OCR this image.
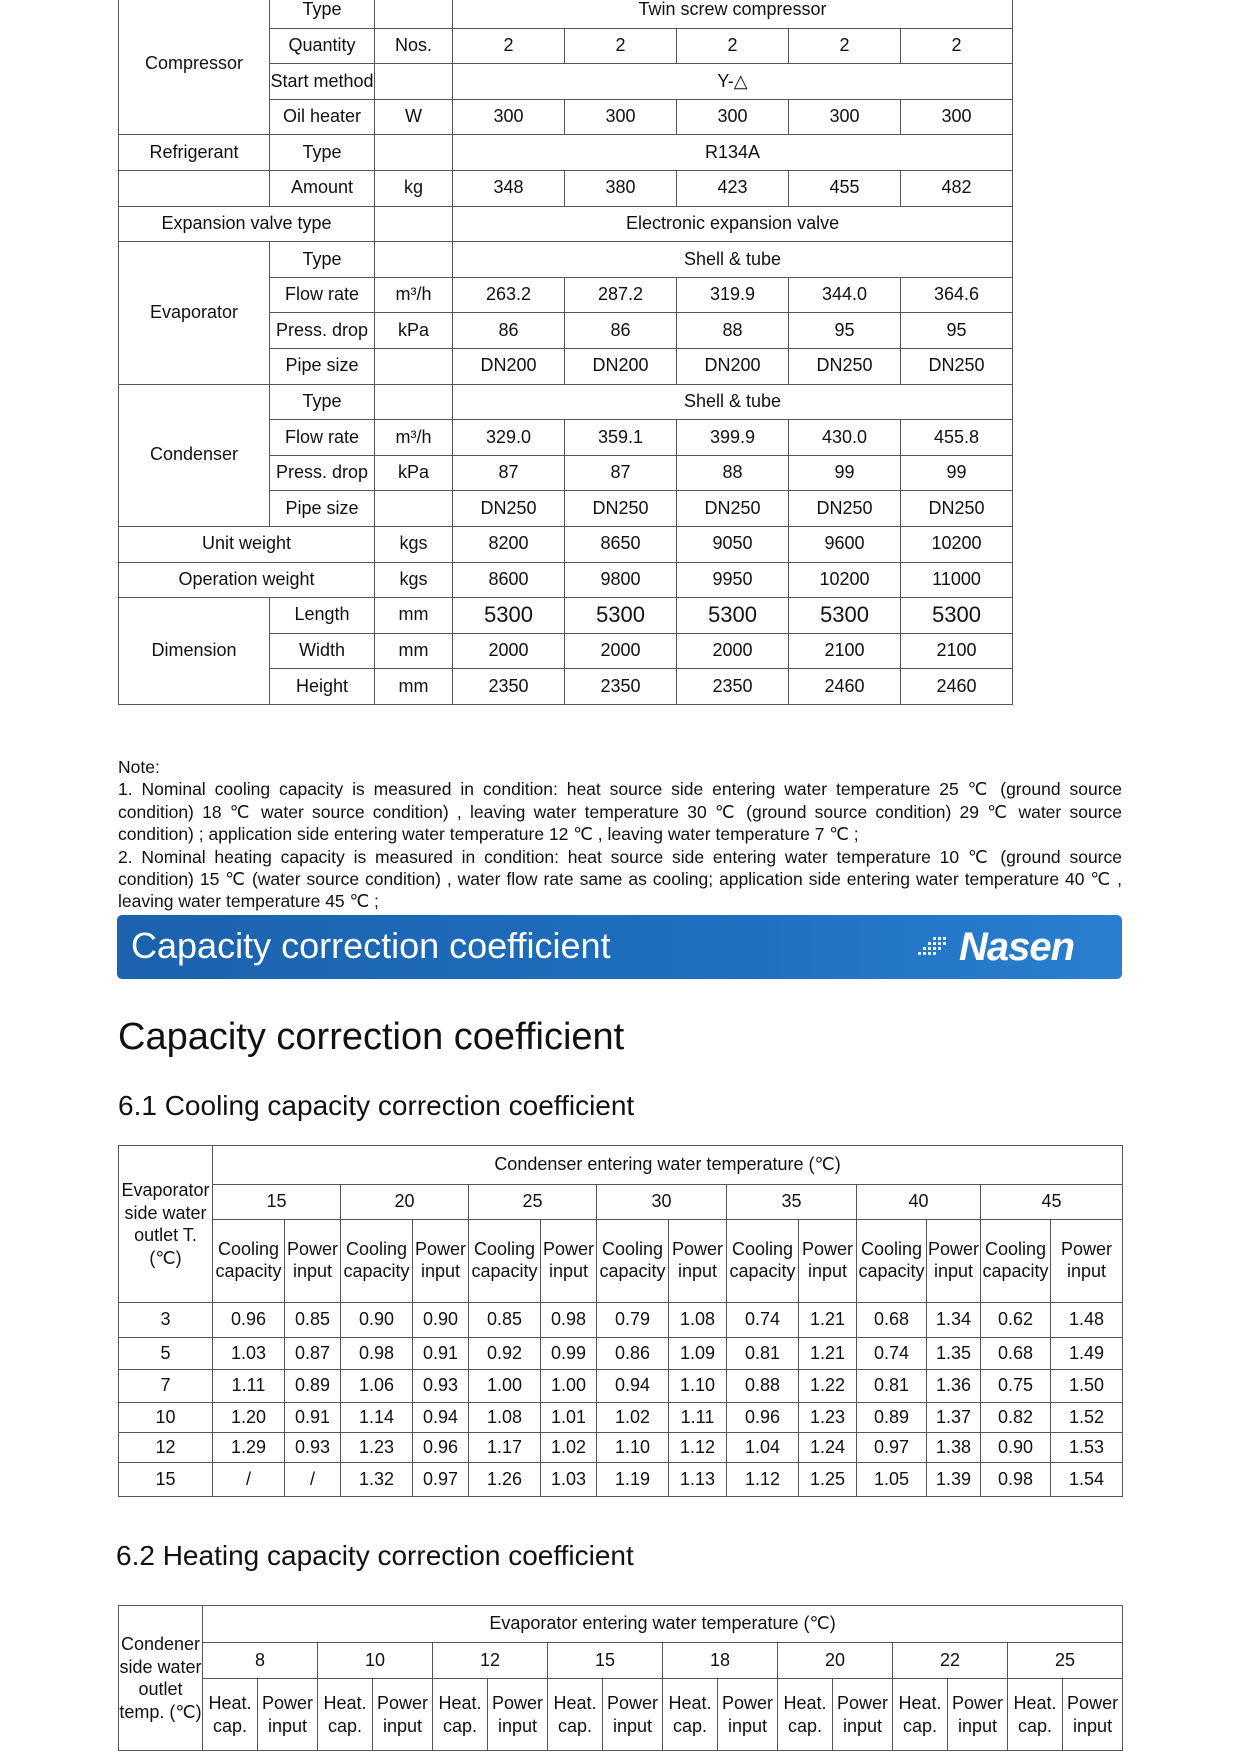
Compressor	Type		Twin screw compressor				
	Quantity	Nos.	2	2	2	2	2
	Start method		Y-△				
	Oil heater	W	300	300	300	300	300
Refrigerant	Type		R134A				
	Amount	kg	348	380	423	455	482
Expansion valve type			Electronic expansion valve				
Evaporator	Type		Shell & tube				
	Flow rate	m³/h	263.2	287.2	319.9	344.0	364.6
	Press. drop	kPa	86	86	88	95	95
	Pipe size		DN200	DN200	DN200	DN250	DN250
Condenser	Type		Shell & tube				
	Flow rate	m³/h	329.0	359.1	399.9	430.0	455.8
	Press. drop	kPa	87	87	88	99	99
	Pipe size		DN250	DN250	DN250	DN250	DN250
Unit weight		kgs	8200	8650	9050	9600	10200
Operation weight		kgs	8600	9800	9950	10200	11000
Dimension	Length	mm	5300	5300	5300	5300	5300
	Width	mm	2000	2000	2000	2100	2100
	Height	mm	2350	2350	2350	2460	2460

Note:

1. Nominal cooling capacity is measured in condition: heat source side entering water temperature 25 ℃ (ground source condition) 18 ℃ water source condition) , leaving water temperature 30 ℃ (ground source condition) 29 ℃ water source condition) ; application side entering water temperature 12 ℃ , leaving water temperature 7 ℃ ;

2. Nominal heating capacity is measured in condition: heat source side entering water temperature 10 ℃ (ground source condition) 15 ℃ (water source condition) , water flow rate same as cooling; application side entering water temperature 40 ℃ , leaving water temperature 45 ℃ ;

Capacity correction coefficient	Nasen
Capacity correction coefficient
6.1 Cooling capacity correction coefficient
Evaporator side water outlet T. (℃)	Condenser entering water temperature (℃)													
	15		20		25		30		35		40		45	
	Cooling capacity	Power input	Cooling capacity	Power input	Cooling capacity	Power input	Cooling capacity	Power input	Cooling capacity	Power input	Cooling capacity	Power input	Cooling capacity	Power input
3	0.96	0.85	0.90	0.90	0.85	0.98	0.79	1.08	0.74	1.21	0.68	1.34	0.62	1.48
5	1.03	0.87	0.98	0.91	0.92	0.99	0.86	1.09	0.81	1.21	0.74	1.35	0.68	1.49
7	1.11	0.89	1.06	0.93	1.00	1.00	0.94	1.10	0.88	1.22	0.81	1.36	0.75	1.50
10	1.20	0.91	1.14	0.94	1.08	1.01	1.02	1.11	0.96	1.23	0.89	1.37	0.82	1.52
12	1.29	0.93	1.23	0.96	1.17	1.02	1.10	1.12	1.04	1.24	0.97	1.38	0.90	1.53
15	/	/	1.32	0.97	1.26	1.03	1.19	1.13	1.12	1.25	1.05	1.39	0.98	1.54
6.2 Heating capacity correction coefficient
Condener side water outlet temp. (℃)	Evaporator entering water temperature (℃)															
	8		10		12		15		18		20		22		25	
	Heat. cap.	Power input	Heat. cap.	Power input	Heat. cap.	Power input	Heat. cap.	Power input	Heat. cap.	Power input	Heat. cap.	Power input	Heat. cap.	Power input	Heat. cap.	Power input
